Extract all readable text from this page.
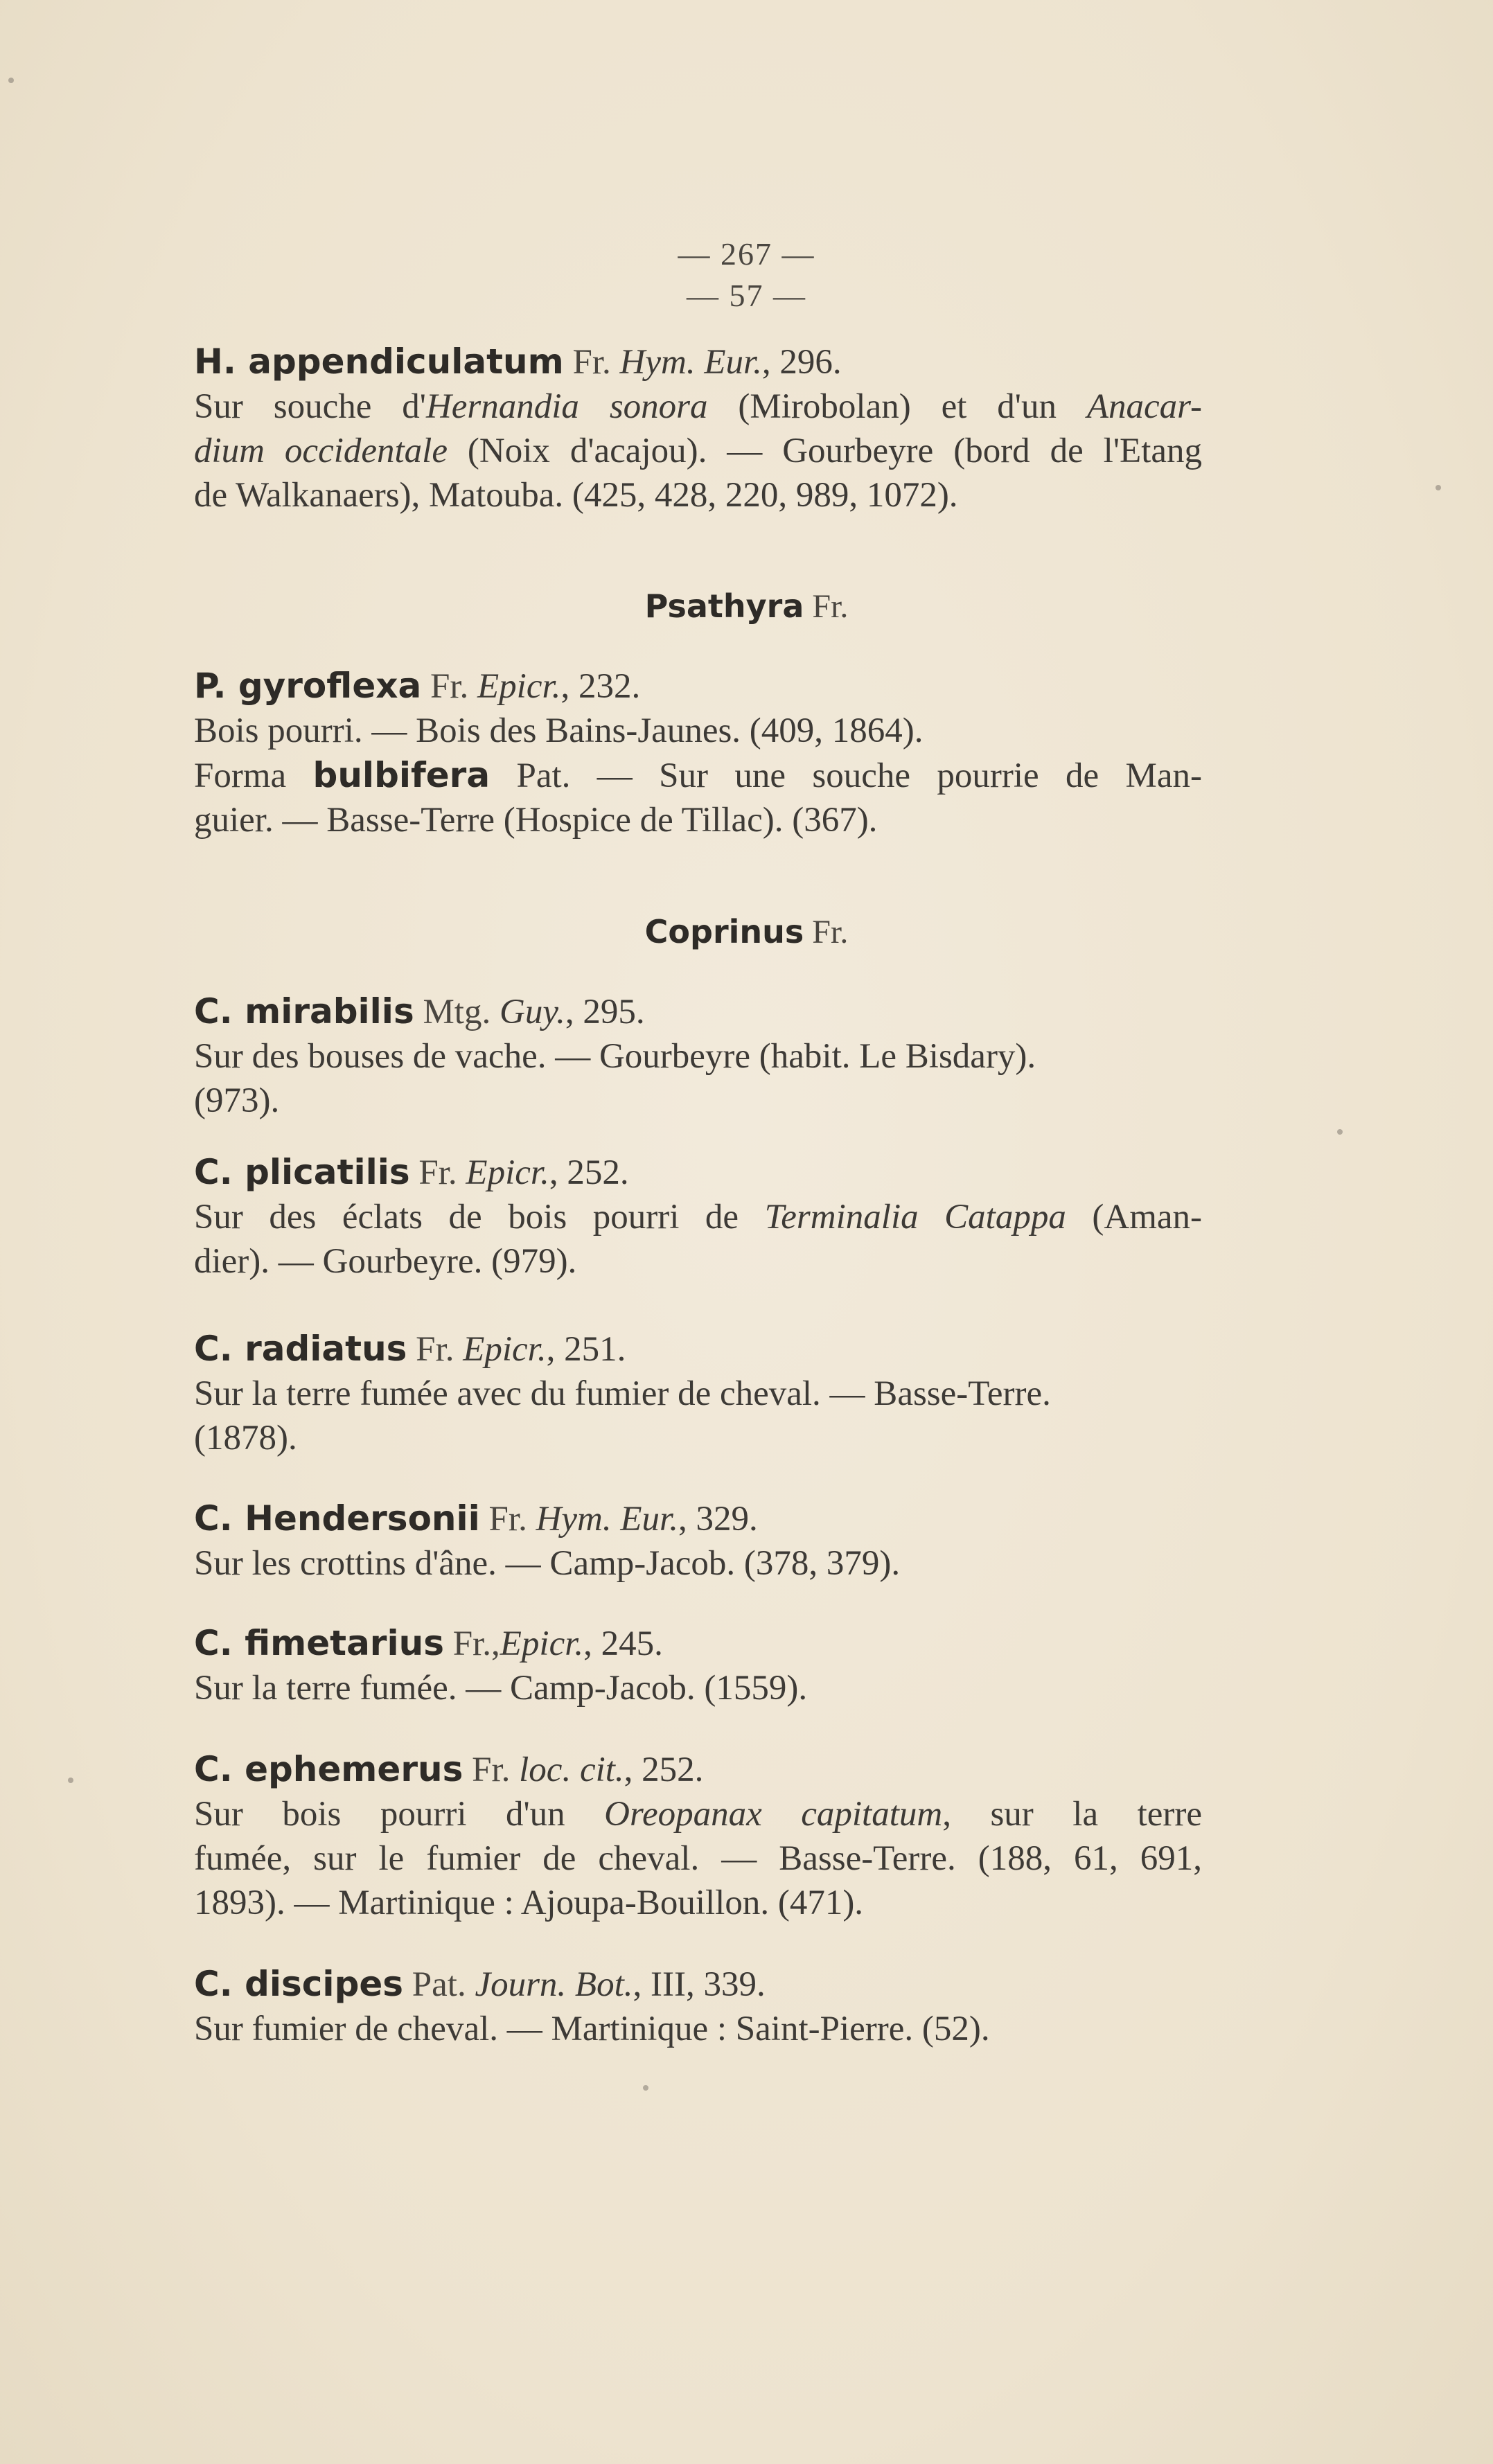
— 267 —
— 57 —
H. appendiculatum Fr. Hym. Eur., 296.
Sur souche d'Hernandia sonora (Mirobolan) et d'un Anacar-
dium occidentale (Noix d'acajou). — Gourbeyre (bord de l'Etang
de Walkanaers), Matouba. (425, 428, 220, 989, 1072).
Psathyra Fr.
P. gyroflexa Fr. Epicr., 232.
Bois pourri. — Bois des Bains-Jaunes. (409, 1864).
Forma bulbifera Pat. — Sur une souche pourrie de Man-
guier. — Basse-Terre (Hospice de Tillac). (367).
Coprinus Fr.
C. mirabilis Mtg. Guy., 295.
Sur des bouses de vache. — Gourbeyre (habit. Le Bisdary).
(973).
C. plicatilis Fr. Epicr., 252.
Sur des éclats de bois pourri de Terminalia Catappa (Aman-
dier). — Gourbeyre. (979).
C. radiatus Fr. Epicr., 251.
Sur la terre fumée avec du fumier de cheval. — Basse-Terre.
(1878).
C. Hendersonii Fr. Hym. Eur., 329.
Sur les crottins d'âne. — Camp-Jacob. (378, 379).
C. fimetarius Fr.,Epicr., 245.
Sur la terre fumée. — Camp-Jacob. (1559).
C. ephemerus Fr. loc. cit., 252.
Sur bois pourri d'un Oreopanax capitatum, sur la terre
fumée, sur le fumier de cheval. — Basse-Terre. (188, 61, 691,
1893). — Martinique : Ajoupa-Bouillon. (471).
C. discipes Pat. Journ. Bot., III, 339.
Sur fumier de cheval. — Martinique : Saint-Pierre. (52).
